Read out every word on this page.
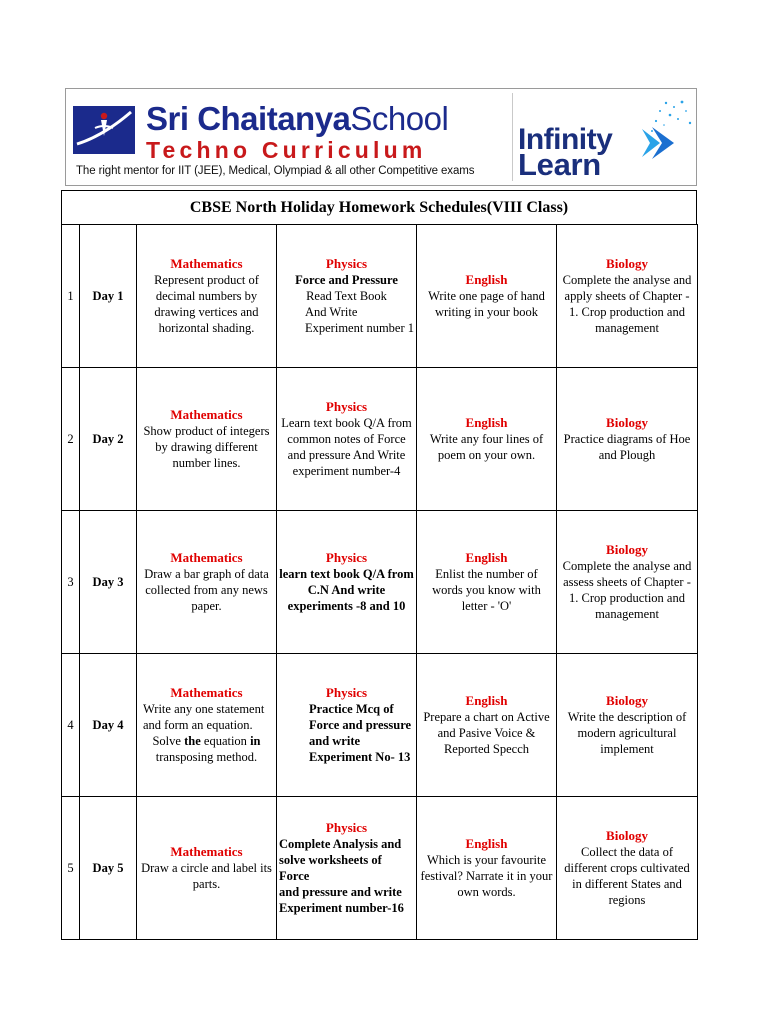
Sri ChaitanyaSchool
Techno Curriculum
The right mentor for IIT (JEE), Medical, Olympiad & all other Competitive exams
Infinity
Learn
CBSE North Holiday Homework Schedules(VIII Class)
1	Day 1	Mathematics
Represent product of decimal numbers by drawing vertices and horizontal shading.	Physics
Force and Pressure
Read Text Book
And Write
Experiment number 1	English
Write one page of hand writing in your book	Biology
Complete the analyse and apply sheets of Chapter - 1. Crop production and management

2	Day 2	Mathematics
Show product of integers by drawing different number lines.	Physics
Learn text book Q/A from common notes of Force and pressure And Write experiment number-4	English
Write any four lines of poem on your own.	Biology
Practice diagrams of Hoe and Plough

3	Day 3	Mathematics
Draw a bar graph of data collected from any news paper.	Physics
learn text book Q/A from C.N And write experiments -8 and 10	English
Enlist the number of words you know with letter - 'O'	Biology
Complete the analyse and assess sheets of Chapter - 1. Crop production and management

4	Day 4	Mathematics
Write any one statement
and form an equation.
Solve the equation in
transposing method.	Physics
Practice Mcq of
Force and pressure
and write
Experiment No- 13	English
Prepare a chart on Active and Pasive Voice & Reported Specch	Biology
Write the description of modern agricultural implement

5	Day 5	Mathematics
Draw a circle and label its parts.	Physics
Complete Analysis and
solve worksheets of Force
and pressure and write
Experiment number-16	English
Which is your favourite festival? Narrate it in your own words.	Biology
Collect the data of different crops cultivated in different States and regions
